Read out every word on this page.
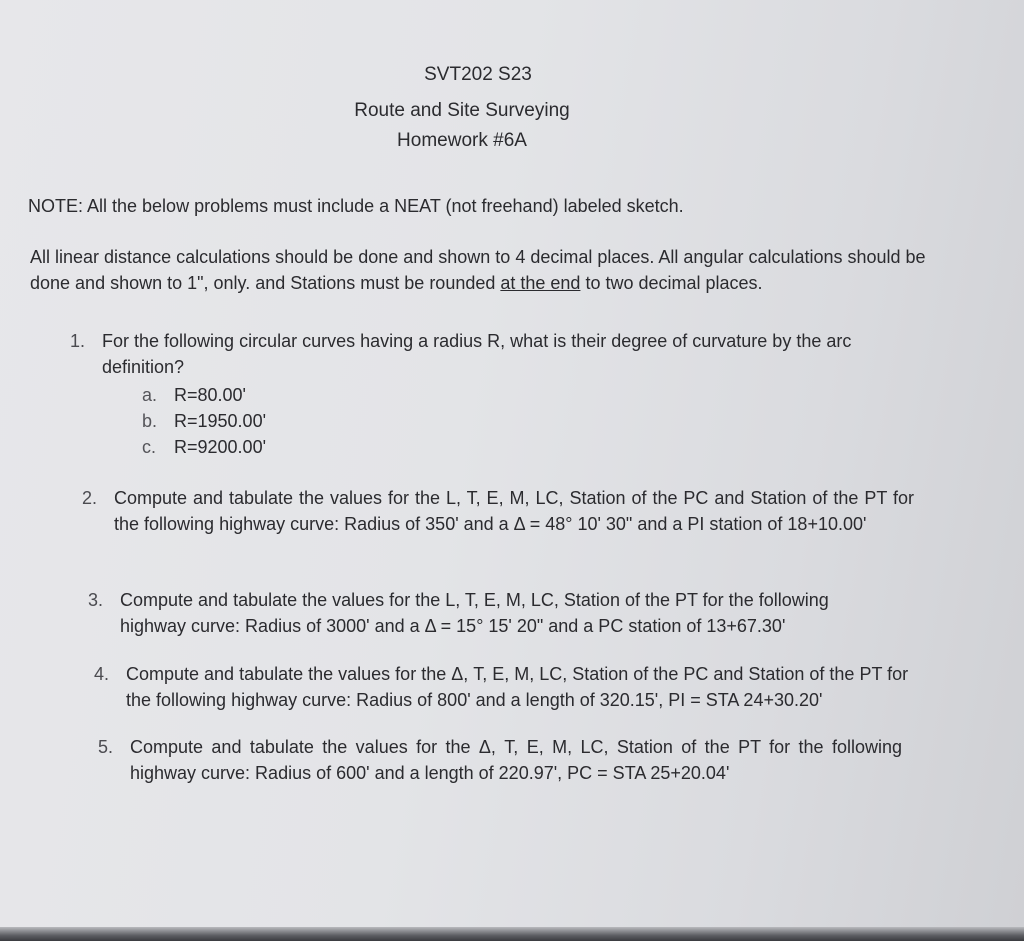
SVT202 S23
Route and Site Surveying
Homework #6A
NOTE: All the below problems must include a NEAT (not freehand) labeled sketch.
All linear distance calculations should be done and shown to 4 decimal places. All angular calculations should be done and shown to 1", only. and Stations must be rounded at the end to two decimal places.
1. For the following circular curves having a radius R, what is their degree of curvature by the arc definition?
a. R=80.00'
b. R=1950.00'
c. R=9200.00'
2. Compute and tabulate the values for the L, T, E, M, LC, Station of the PC and Station of the PT for the following highway curve: Radius of 350' and a Δ = 48° 10' 30" and a PI station of 18+10.00'
3. Compute and tabulate the values for the L, T, E, M, LC, Station of the PT for the following highway curve: Radius of 3000' and a Δ = 15° 15' 20" and a PC station of 13+67.30'
4. Compute and tabulate the values for the Δ, T, E, M, LC, Station of the PC and Station of the PT for the following highway curve: Radius of 800' and a length of 320.15', PI = STA 24+30.20'
5. Compute and tabulate the values for the Δ, T, E, M, LC, Station of the PT for the following highway curve: Radius of 600' and a length of 220.97', PC = STA 25+20.04'
